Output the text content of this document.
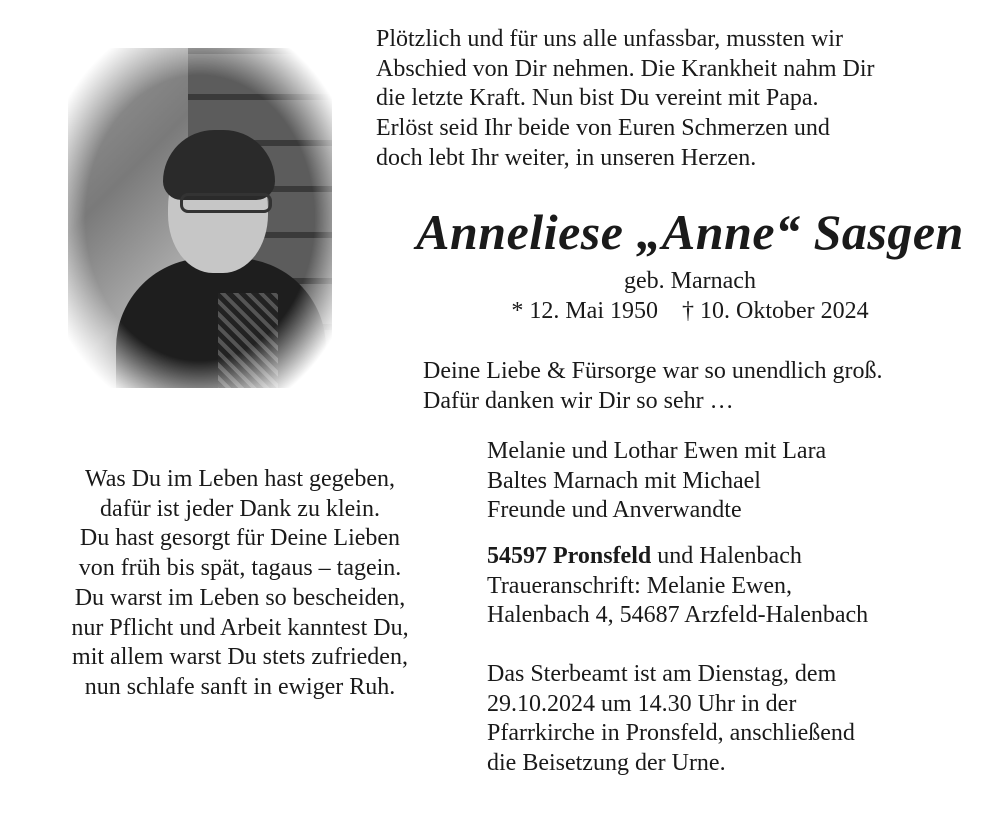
Plötzlich und für uns alle unfassbar, mussten wir
Abschied von Dir nehmen. Die Krankheit nahm Dir
die letzte Kraft. Nun bist Du vereint mit Papa.
Erlöst seid Ihr beide von Euren Schmerzen und
doch lebt Ihr weiter, in unseren Herzen.
Anneliese „Anne“ Sasgen
geb. Marnach
* 12. Mai 1950    † 10. Oktober 2024
Deine Liebe & Fürsorge war so unendlich groß.
Dafür danken wir Dir so sehr …
Melanie und Lothar Ewen mit Lara
Baltes Marnach mit Michael
Freunde und Anverwandte
54597 Pronsfeld und Halenbach
Traueranschrift: Melanie Ewen,
Halenbach 4, 54687 Arzfeld-Halenbach
Das Sterbeamt ist am Dienstag, dem
29.10.2024 um 14.30 Uhr in der
Pfarrkirche in Pronsfeld, anschließend
die Beisetzung der Urne.
Was Du im Leben hast gegeben,
dafür ist jeder Dank zu klein.
Du hast gesorgt für Deine Lieben
von früh bis spät, tagaus – tagein.
Du warst im Leben so bescheiden,
nur Pflicht und Arbeit kanntest Du,
mit allem warst Du stets zufrieden,
nun schlafe sanft in ewiger Ruh.
